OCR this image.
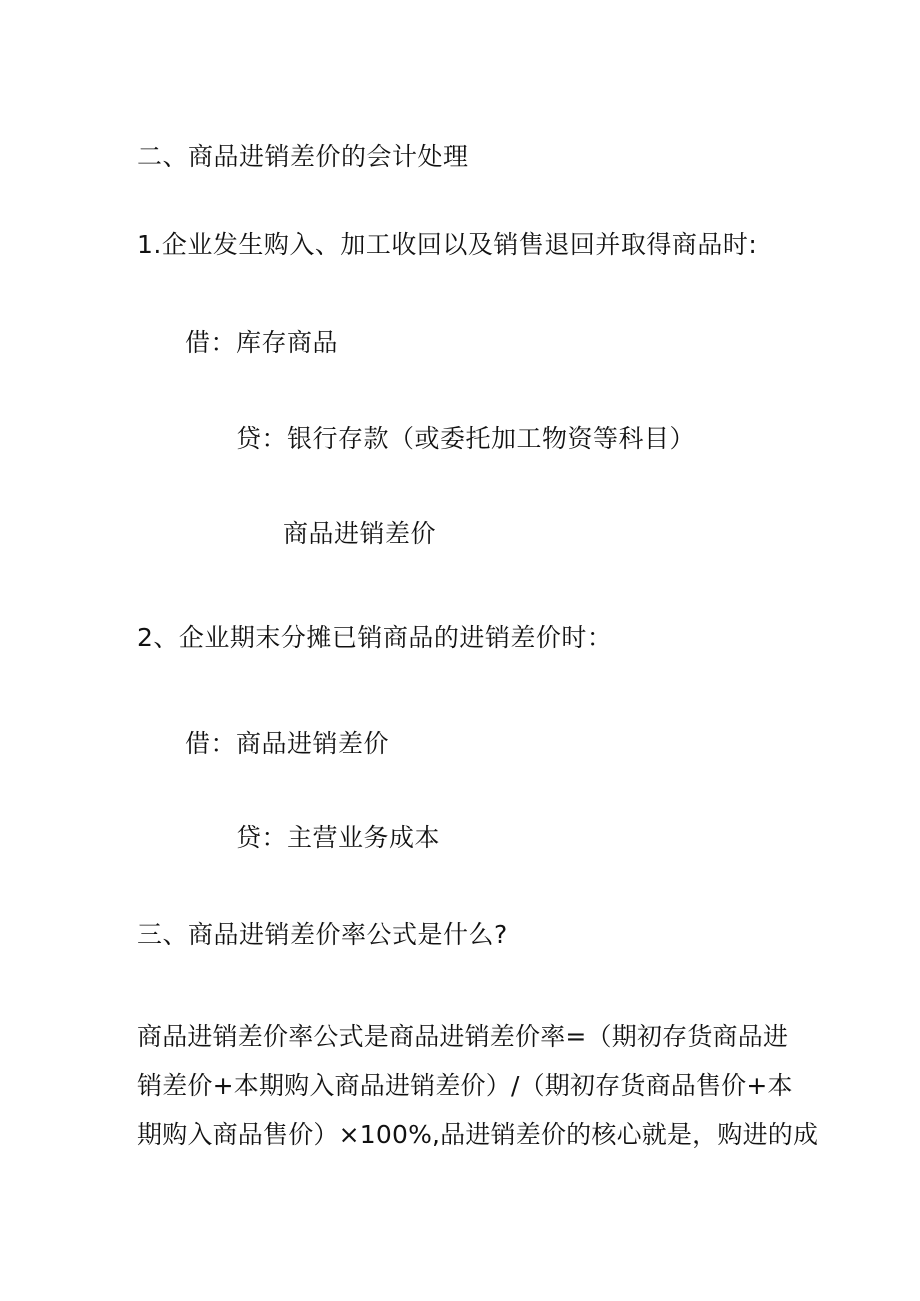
二、商品进销差价的会计处理
1.企业发生购入、加工收回以及销售退回并取得商品时:
借：库存商品
贷：银行存款（或委托加工物资等科目）
商品进销差价
2、企业期末分摊已销商品的进销差价时：
借：商品进销差价
贷：主营业务成本
三、商品进销差价率公式是什么?
商品进销差价率公式是商品进销差价率=（期初存货商品进
销差价+本期购入商品进销差价）/（期初存货商品售价+本
期购入商品售价）×100%,品进销差价的核心就是，购进的成
